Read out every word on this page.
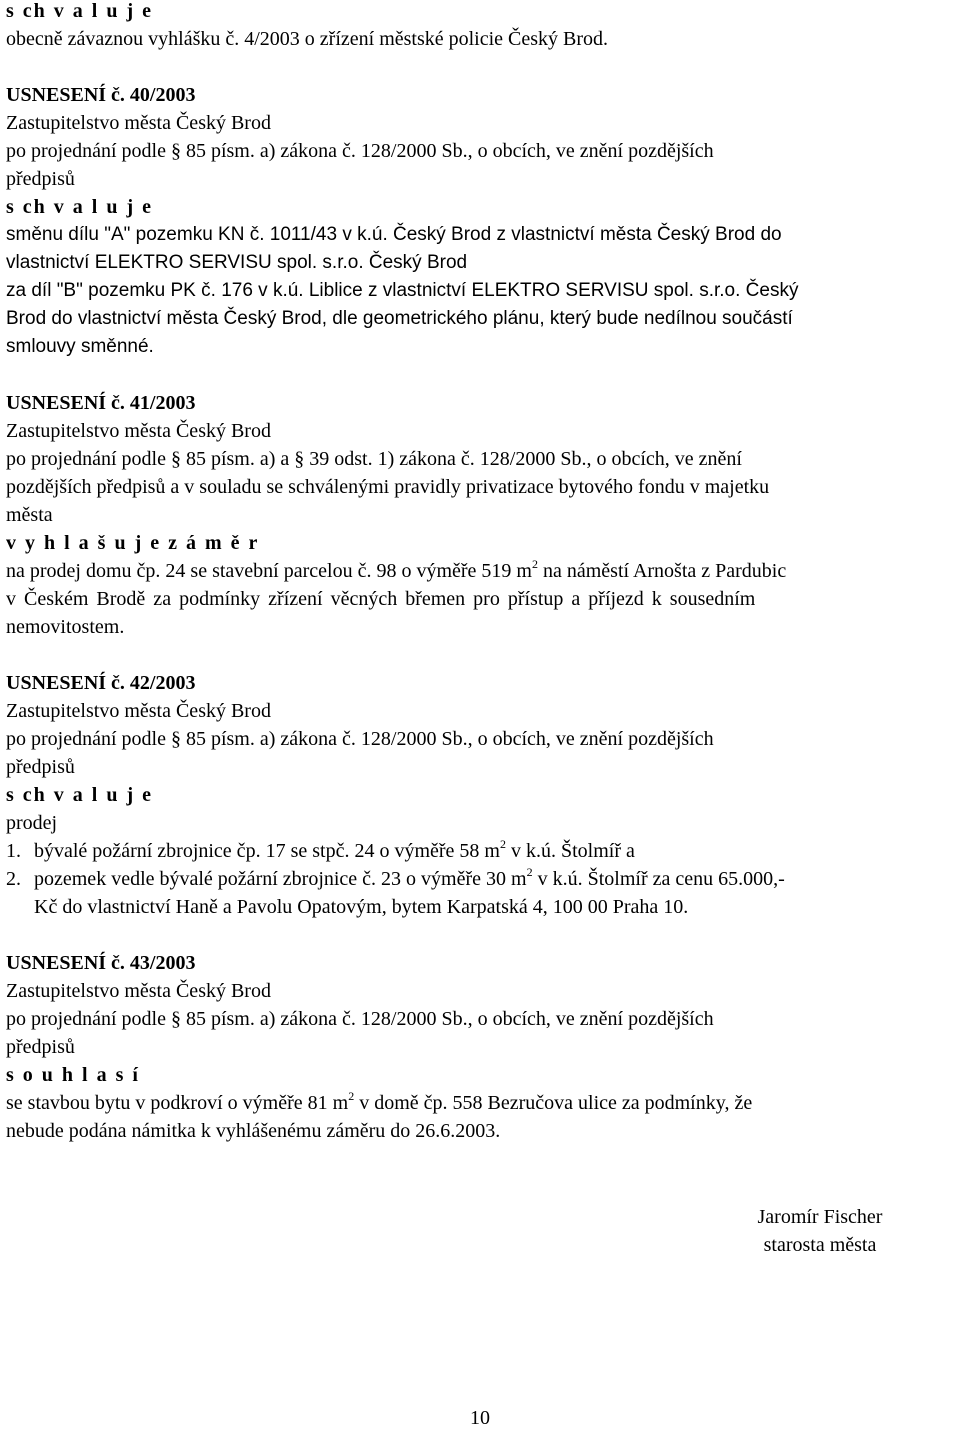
s ch v a l u j e
obecně závaznou vyhlášku č. 4/2003 o zřízení městské policie Český Brod.
USNESENÍ č. 40/2003
Zastupitelstvo města Český Brod
po projednání podle § 85 písm. a) zákona č. 128/2000 Sb., o obcích, ve znění pozdějších
předpisů
s ch v a l u j e
směnu dílu "A" pozemku KN č. 1011/43 v k.ú. Český Brod z vlastnictví města Český Brod do
vlastnictví ELEKTRO SERVISU spol. s.r.o. Český Brod
za díl "B" pozemku PK č. 176 v k.ú. Liblice z vlastnictví ELEKTRO SERVISU spol. s.r.o. Český
Brod do vlastnictví města Český Brod, dle geometrického plánu, který bude nedílnou součástí
smlouvy směnné.
USNESENÍ č. 41/2003
Zastupitelstvo města Český Brod
po projednání podle § 85 písm. a) a § 39 odst. 1) zákona č. 128/2000 Sb., o obcích, ve znění
pozdějších předpisů a v souladu se schválenými pravidly privatizace bytového fondu v majetku
města
v y h l a š u j e z á m ě r
na prodej domu čp. 24 se stavební parcelou č. 98 o výměře 519 $m^2$ na náměstí Arnošta z Pardubic
v Českém Brodě za podmínky zřízení věcných břemen pro přístup a příjezd k sousedním
nemovitostem.
USNESENÍ č. 42/2003
Zastupitelstvo města Český Brod
po projednání podle § 85 písm. a) zákona č. 128/2000 Sb., o obcích, ve znění pozdějších
předpisů
s ch v a l u j e
prodej
1. bývalé požární zbrojnice čp. 17 se stpč. 24 o výměře 58 $m^2$ v k.ú. Štolmíř a
2. pozemek vedle bývalé požární zbrojnice č. 23 o výměře 30 $m^2$ v k.ú. Štolmíř za cenu 65.000,-
Kč do vlastnictví Haně a Pavolu Opatovým, bytem Karpatská 4, 100 00 Praha 10.
USNESENÍ č. 43/2003
Zastupitelstvo města Český Brod
po projednání podle § 85 písm. a) zákona č. 128/2000 Sb., o obcích, ve znění pozdějších
předpisů
s o u h l a s í
se stavbou bytu v podkroví o výměře 81 $m^2$ v domě čp. 558 Bezručova ulice za podmínky, že
nebude podána námitka k vyhlášenému záměru do 26.6.2003.
Jaromír Fischer
starosta města
10
